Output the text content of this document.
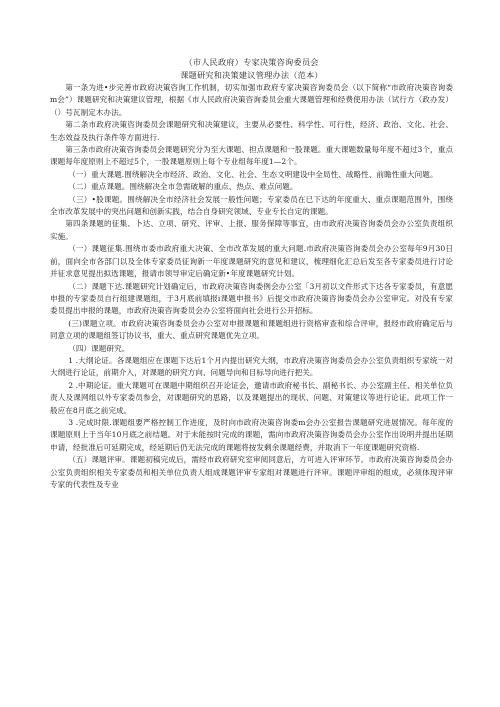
（市人民政府）专家决策咨询委员会
课题研究和决策建议管理办法（范本）

第一条为进•步完善市政府决策咨询工作机制，切实加强市政府专家决策咨询委员会（以下简称“市政府决策咨询委m会”）课题研究和决策建议管理，根据《市人民政府决策咨询委员会重大课题管理和经费使用办法（试行方（政办发）（）号瓦制定木办法。

第二条市政府决策咨询委员会课题研究和决策建议，主要从必要性、科学性、可行性，经济、政治、文化、社会、生态效益及执行条件等方面进行.

第三条市政府决策咨询委员会课题研究分为至大课题、担点课题和一股课题。重大课题数量每年度不超过3个，重点课题每年度原则上不超过5个，一股课题原则上每个专业组每年度1—2个。

（一）重大课题.围绕解决全市经济、政治、文化、社会、生态文明建设中全局性、战略性、前瞻性重大问题。

（二）重点课题。围绕解决全市急需破解的重点、热点、难点问题。

（三）•股课题。围绕解决全市经济社会发展一般性问题；专家委员在已下达的年度重大、重点课题范围外，围绕全市改革发展中的突出问题和创新实践，结合自身研究领域、专业专长自定的课题。

第四条课题的征集、卜达、立项、研究、评审、上报、服务保障等事宜，由市政府决策咨询委员会办公室负责组织实施。

（一）课题征集.围绕市委市政府重大决策、全市改革发展的重大问题.市政府决策咨询委员会办公室每年9月30日前，面向全市各部门以及全体专家委员征询新一年度课题研究的意见和建议，梳理细化汇总后发至各专家委员进行讨论并征求意见提出拟选课题，报请市领导审定后确定新•年度课题研究计划。

（二）课题下达.课题研究计划确定后，市政府决策咨询委例会办公室「3月初以文件形式下达各专家委员，有意愿申报的专家委员自行组建课题组，于3月底前填报i课题申报书》后提交市政府决策咨询委员会办公室审定。对没有专家委员提出申报的课题，市政府决策咨询委员会办公室将面向社会进行公开招标。

(三)课题立项。市政府决策咨询委员会办公室对申报课题和课题组进行资格审查和综合评审，报经市政府确定后与同意立项的课题组签订协议书，重大、重点研究课题优先立项。

（四）课题研究。

1 .大纲论证。各课题组应在课题下达后1个月内提出研究大纲，市政府决策咨询委员会办公室负责组织专家统一对大纲进行论证，前期介入，对课题的研究方向、问题导向和目标导向进行把关。

2 .中期论证。重大课题可在课题中期组织召开论证会，邀请市政府秘书长、副秘书长、办公室副主任、相关单位负责人及课网组以外专家委员参会，对课题研究的思路，以及课题提出的现状、问题、对策建议等进行论证。此项工作一般应在8月底之前完成。

3 .完成时限.课题组要严格控制工作进度，及时向市政府决策咨询委m会办公室报告课题研究进展情况。每年度的课题原则上于当年10月底之前结题。对于未能按时完成的课题，需向市政府决策咨询委员会办公室作出说明并提出延期申请，经批准后可延期完成，经延期后仍无法完成的课题将按发剩余课题经费，并取消下一年度课题研究资格.

（五）课题评审。课题初稿完成后，需经市政府研究室审阅同意后，方可进入评审环节。市政府决策咨询委员会办公室负责组织相关专家委员和相关单位负责人组成课题评审专家组对课题进行评审。课题评审组的组成，必须体现评审专家的代表性及专业
